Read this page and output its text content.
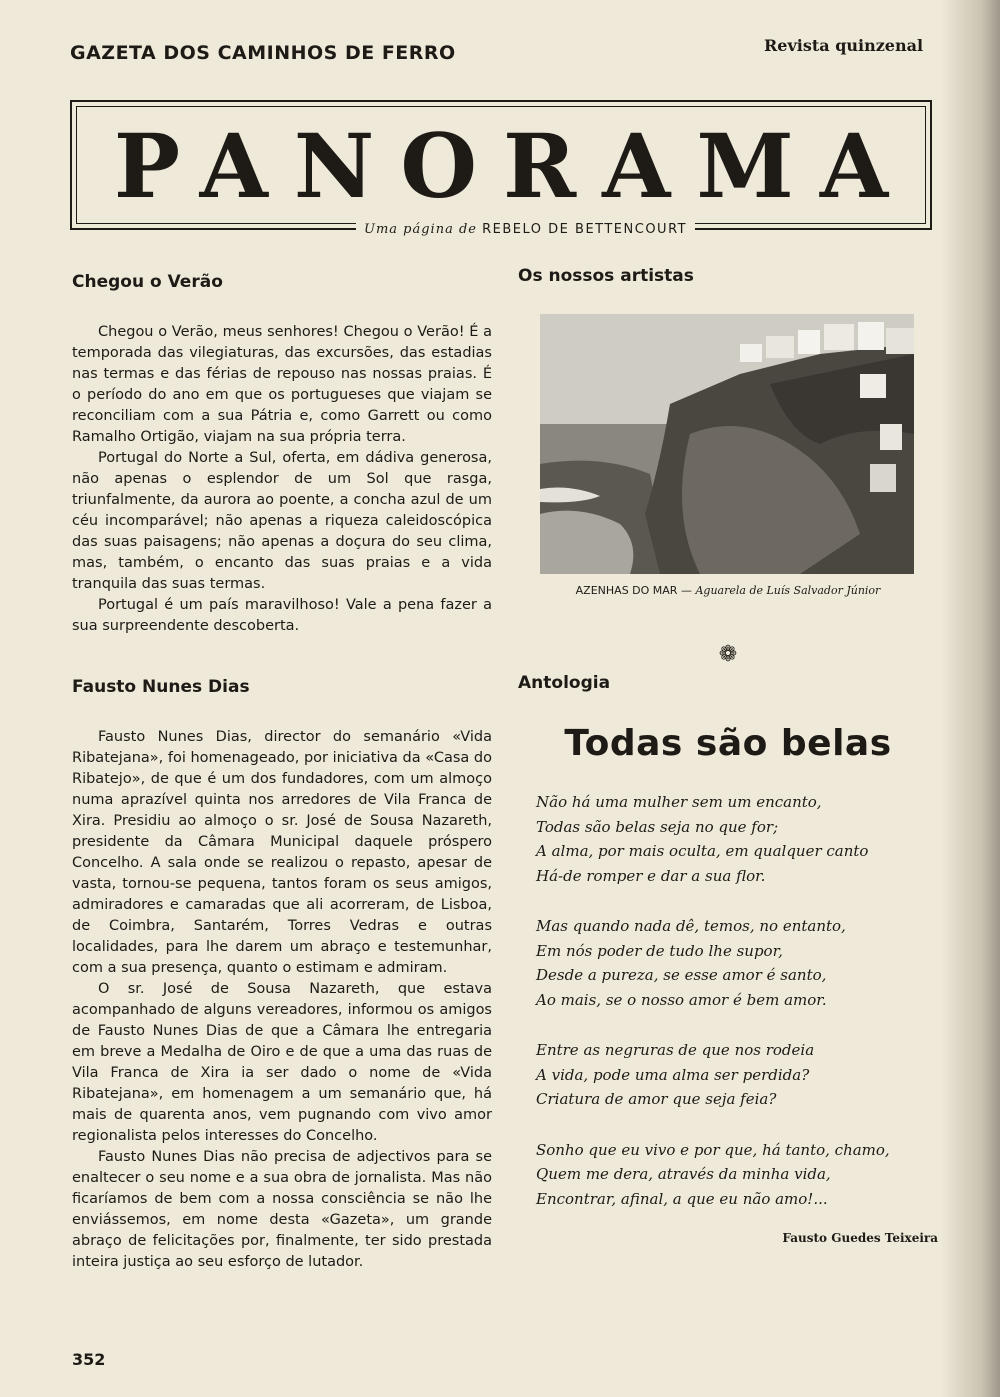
GAZETA DOS CAMINHOS DE FERRO	Revista quinzenal
PANORAMA
Uma página de REBELO DE BETTENCOURT
Chegou o Verão

Chegou o Verão, meus senhores! Chegou o Verão! É a temporada das vilegiaturas, das excursões, das estadias nas termas e das férias de repouso nas nossas praias. É o período do ano em que os portugueses que viajam se reconciliam com a sua Pátria e, como Garrett ou como Ramalho Ortigão, viajam na sua própria terra.

Portugal do Norte a Sul, oferta, em dádiva generosa, não apenas o esplendor de um Sol que rasga, triunfalmente, da aurora ao poente, a concha azul de um céu incomparável; não apenas a riqueza caleidoscópica das suas paisagens; não apenas a doçura do seu clima, mas, também, o encanto das suas praias e a vida tranquila das suas termas.

Portugal é um país maravilhoso! Vale a pena fazer a sua surpreendente descoberta.

Fausto Nunes Dias

Fausto Nunes Dias, director do semanário «Vida Ribatejana», foi homenageado, por iniciativa da «Casa do Ribatejo», de que é um dos fundadores, com um almoço numa aprazível quinta nos arredores de Vila Franca de Xira. Presidiu ao almoço o sr. José de Sousa Nazareth, presidente da Câmara Municipal daquele próspero Concelho. A sala onde se realizou o repasto, apesar de vasta, tornou-se pequena, tantos foram os seus amigos, admiradores e camaradas que ali acorreram, de Lisboa, de Coimbra, Santarém, Torres Vedras e outras localidades, para lhe darem um abraço e testemunhar, com a sua presença, quanto o estimam e admiram.

O sr. José de Sousa Nazareth, que estava acompanhado de alguns vereadores, informou os amigos de Fausto Nunes Dias de que a Câmara lhe entregaria em breve a Medalha de Oiro e de que a uma das ruas de Vila Franca de Xira ia ser dado o nome de «Vida Ribatejana», em homenagem a um semanário que, há mais de quarenta anos, vem pugnando com vivo amor regionalista pelos interesses do Concelho.

Fausto Nunes Dias não precisa de adjectivos para se enaltecer o seu nome e a sua obra de jornalista. Mas não ficaríamos de bem com a nossa consciência se não lhe enviássemos, em nome desta «Gazeta», um grande abraço de felicitações por, finalmente, ter sido prestada inteira justiça ao seu esforço de lutador.

Os nossos artistas
AZENHAS DO MAR — Aguarela de Luís Salvador Júnior
❁
Antologia
Todas são belas
Não há uma mulher sem um encanto,
Todas são belas seja no que for;
A alma, por mais oculta, em qualquer canto
Há-de romper e dar a sua flor.
Mas quando nada dê, temos, no entanto,
Em nós poder de tudo lhe supor,
Desde a pureza, se esse amor é santo,
Ao mais, se o nosso amor é bem amor.
Entre as negruras de que nos rodeia
A vida, pode uma alma ser perdida?
Criatura de amor que seja feia?
Sonho que eu vivo e por que, há tanto, chamo,
Quem me dera, através da minha vida,
Encontrar, afinal, a que eu não amo!...
Fausto Guedes Teixeira
352
